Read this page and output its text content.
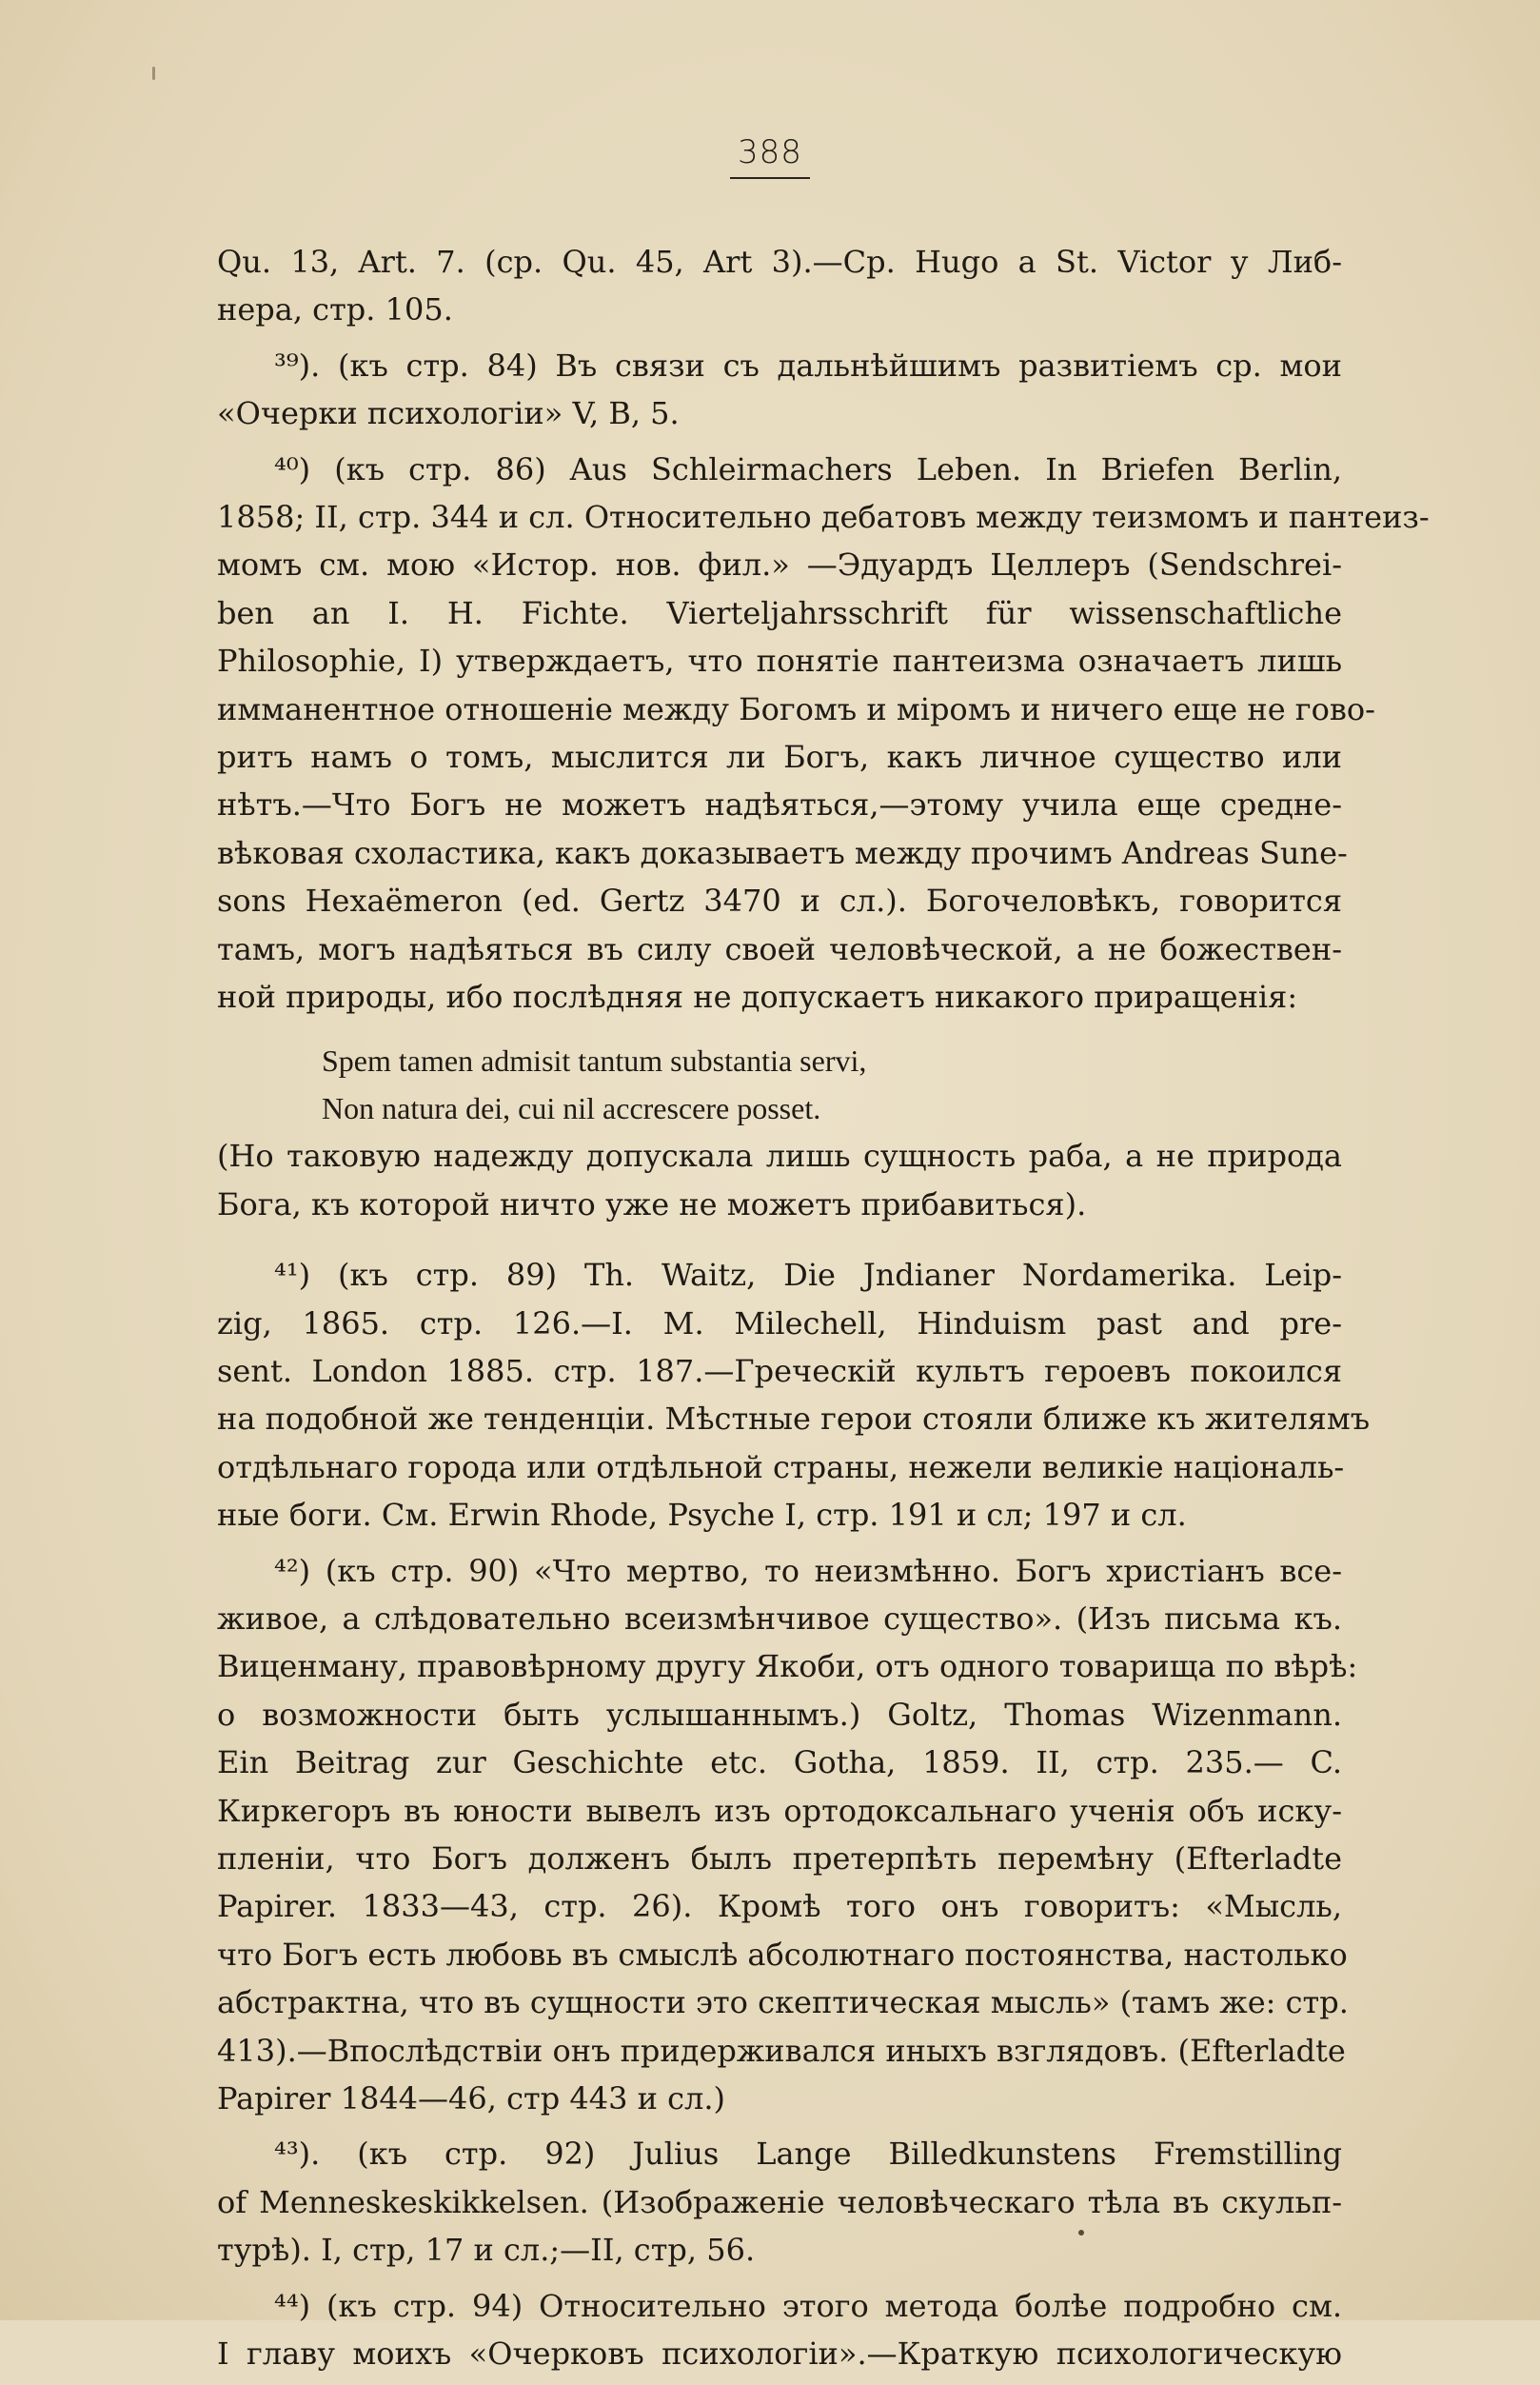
388
Qu. 13, Art. 7. (ср. Qu. 45, Art 3).—Ср. Hugo a St. Victor у Либ-
нера, стр. 105.
³⁹). (къ стр. 84) Въ связи съ дальнѣйшимъ развитіемъ ср. мои
«Очерки психологіи» V, В, 5.
⁴⁰) (къ стр. 86) Aus Schleirmachers Leben. In Briefen Berlin,
1858; II, стр. 344 и сл. Относительно дебатовъ между теизмомъ и пантеиз-
момъ см. мою «Истор. нов. фил.» —Эдуардъ Целлеръ (Sendschrei-
ben an I. H. Fichte. Vierteljahrsschrift für wissenschaftliche
Philosophie, I) утверждаетъ, что понятіе пантеизма означаетъ лишь
имманентное отношеніе между Богомъ и міромъ и ничего еще не гово-
ритъ намъ о томъ, мыслится ли Богъ, какъ личное существо или
нѣтъ.—Что Богъ не можетъ надѣяться,—этому учила еще средне-
вѣковая схоластика, какъ доказываетъ между прочимъ Andreas Sune-
sons Hexaëmeron (ed. Gertz 3470 и сл.). Богочеловѣкъ, говорится
тамъ, могъ надѣяться въ силу своей человѣческой, а не божествен-
ной природы, ибо послѣдняя не допускаетъ никакого приращенія:
Spem tamen admisit tantum substantia servi,
Non natura dei, cui nil accrescere posset.
(Но таковую надежду допускала лишь сущность раба, а не природа
Бога, къ которой ничто уже не можетъ прибавиться).
⁴¹) (къ стр. 89) Th. Waitz, Die Jndianer Nordamerika. Leip-
zig, 1865. стр. 126.—I. M. Milechell, Hinduism past and pre-
sent. London 1885. стр. 187.—Греческій культъ героевъ покоился
на подобной же тенденціи. Мѣстные герои стояли ближе къ жителямъ
отдѣльнаго города или отдѣльной страны, нежели великіе національ-
ные боги. См. Erwin Rhode, Psyche I, стр. 191 и сл; 197 и сл.
⁴²) (къ стр. 90) «Что мертво, то неизмѣнно. Богъ христіанъ все-
живое, а слѣдовательно всеизмѣнчивое существо». (Изъ письма къ.
Виценману, правовѣрному другу Якоби, отъ одного товарища по вѣрѣ:
о возможности быть услышаннымъ.) Goltz, Thomas Wizenmann.
Ein Beitrag zur Geschichte etc. Gotha, 1859. II, стр. 235.— C.
Киркегоръ въ юности вывелъ изъ ортодоксальнаго ученія объ иску-
пленіи, что Богъ долженъ былъ претерпѣть перемѣну (Efterladte
Papirer. 1833—43, стр. 26). Кромѣ того онъ говоритъ: «Мысль,
что Богъ есть любовь въ смыслѣ абсолютнаго постоянства, настолько
абстрактна, что въ сущности это скептическая мысль» (тамъ же: стр.
413).—Впослѣдствіи онъ придерживался иныхъ взглядовъ. (Efterladte
Papirer 1844—46, стр 443 и сл.)
⁴³). (къ стр. 92) Julius Lange Billedkunstens Fremstilling
of Menneskeskikkelsen. (Изображеніе человѣческаго тѣла въ скульп-
турѣ). I, стр, 17 и сл.;—II, стр, 56.
⁴⁴) (къ стр. 94) Относительно этого метода болѣе подробно см.
I главу моихъ «Очерковъ психологіи».—Краткую психологическую
